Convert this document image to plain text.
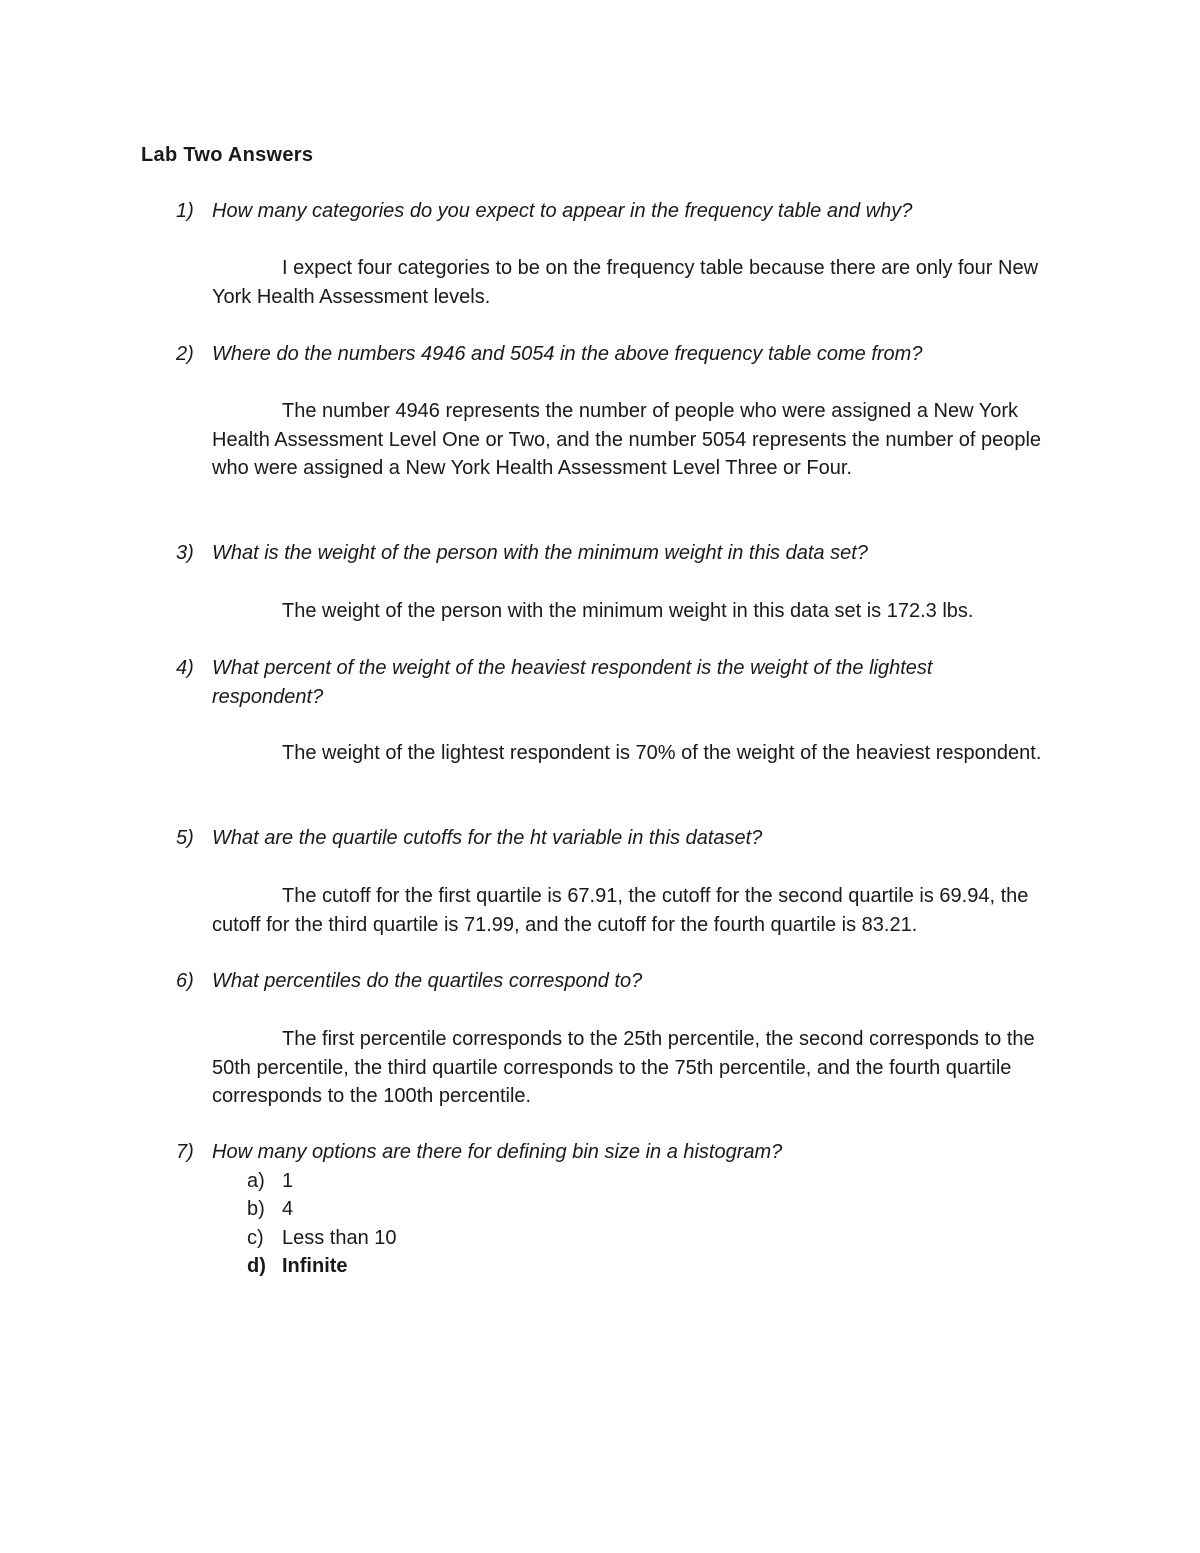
Lab Two Answers
1) How many categories do you expect to appear in the frequency table and why?
I expect four categories to be on the frequency table because there are only four New York Health Assessment levels.
2) Where do the numbers 4946 and 5054 in the above frequency table come from?
The number 4946 represents the number of people who were assigned a New York Health Assessment Level One or Two, and the number 5054 represents the number of people who were assigned a New York Health Assessment Level Three or Four.
3) What is the weight of the person with the minimum weight in this data set?
The weight of the person with the minimum weight in this data set is 172.3 lbs.
4) What percent of the weight of the heaviest respondent is the weight of the lightest respondent?
The weight of the lightest respondent is 70% of the weight of the heaviest respondent.
5) What are the quartile cutoffs for the ht variable in this dataset?
The cutoff for the first quartile is 67.91, the cutoff for the second quartile is 69.94, the cutoff for the third quartile is 71.99, and the cutoff for the fourth quartile is 83.21.
6) What percentiles do the quartiles correspond to?
The first percentile corresponds to the 25th percentile, the second corresponds to the 50th percentile, the third quartile corresponds to the 75th percentile, and the fourth quartile corresponds to the 100th percentile.
7) How many options are there for defining bin size in a histogram?
a) 1
b) 4
c) Less than 10
d) Infinite
